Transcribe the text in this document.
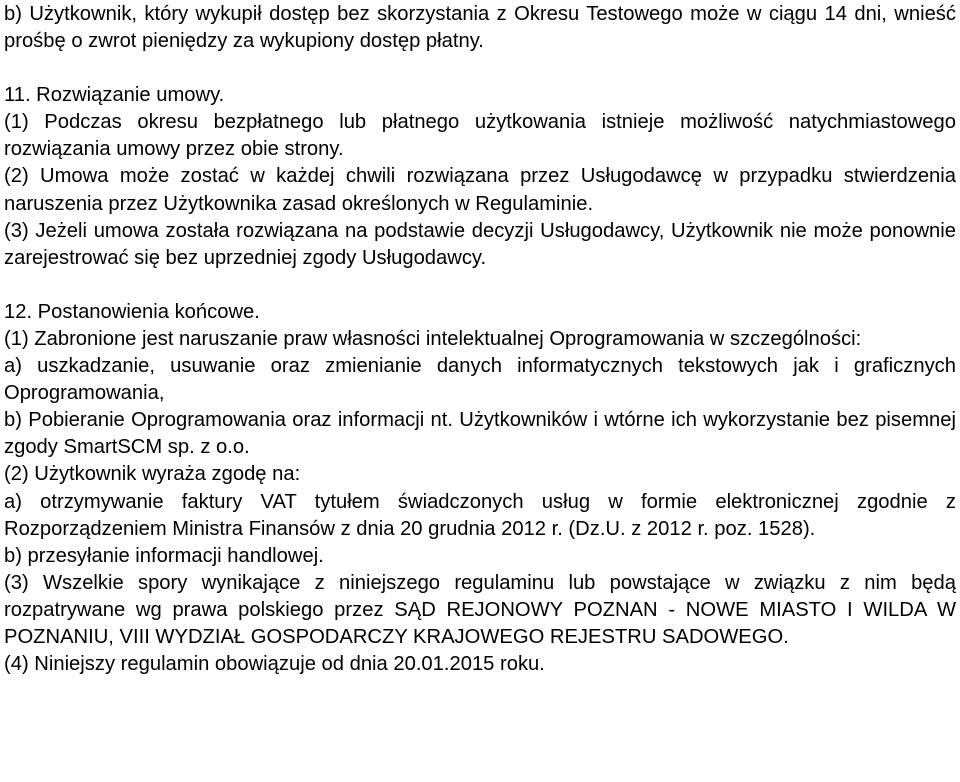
b) Użytkownik, który wykupił dostęp bez skorzystania z Okresu Testowego może w ciągu 14 dni, wnieść prośbę o zwrot pieniędzy za wykupiony dostęp płatny.

11. Rozwiązanie umowy.

(1) Podczas okresu bezpłatnego lub płatnego użytkowania istnieje możliwość natychmiastowego rozwiązania umowy przez obie strony.

(2) Umowa może zostać w każdej chwili rozwiązana przez Usługodawcę w przypadku stwierdzenia naruszenia przez Użytkownika zasad określonych w Regulaminie.

(3) Jeżeli umowa została rozwiązana na podstawie decyzji Usługodawcy, Użytkownik nie może ponownie zarejestrować się bez uprzedniej zgody Usługodawcy.

12. Postanowienia końcowe.

(1) Zabronione jest naruszanie praw własności intelektualnej Oprogramowania w szczególności:

a) uszkadzanie, usuwanie oraz zmienianie danych informatycznych tekstowych jak i graficznych Oprogramowania,

b) Pobieranie Oprogramowania oraz informacji nt. Użytkowników i wtórne ich wykorzystanie bez pisemnej zgody SmartSCM sp. z o.o.

(2) Użytkownik wyraża zgodę na:

a) otrzymywanie faktury VAT tytułem świadczonych usług w formie elektronicznej zgodnie z Rozporządzeniem Ministra Finansów z dnia 20 grudnia 2012 r. (Dz.U. z 2012 r. poz. 1528).

b) przesyłanie informacji handlowej.

(3) Wszelkie spory wynikające z niniejszego regulaminu lub powstające w związku z nim będą rozpatrywane wg prawa polskiego przez SĄD REJONOWY POZNAN - NOWE MIASTO I WILDA W POZNANIU, VIII WYDZIAŁ GOSPODARCZY KRAJOWEGO REJESTRU SADOWEGO.

(4) Niniejszy regulamin obowiązuje od dnia 20.01.2015 roku.
